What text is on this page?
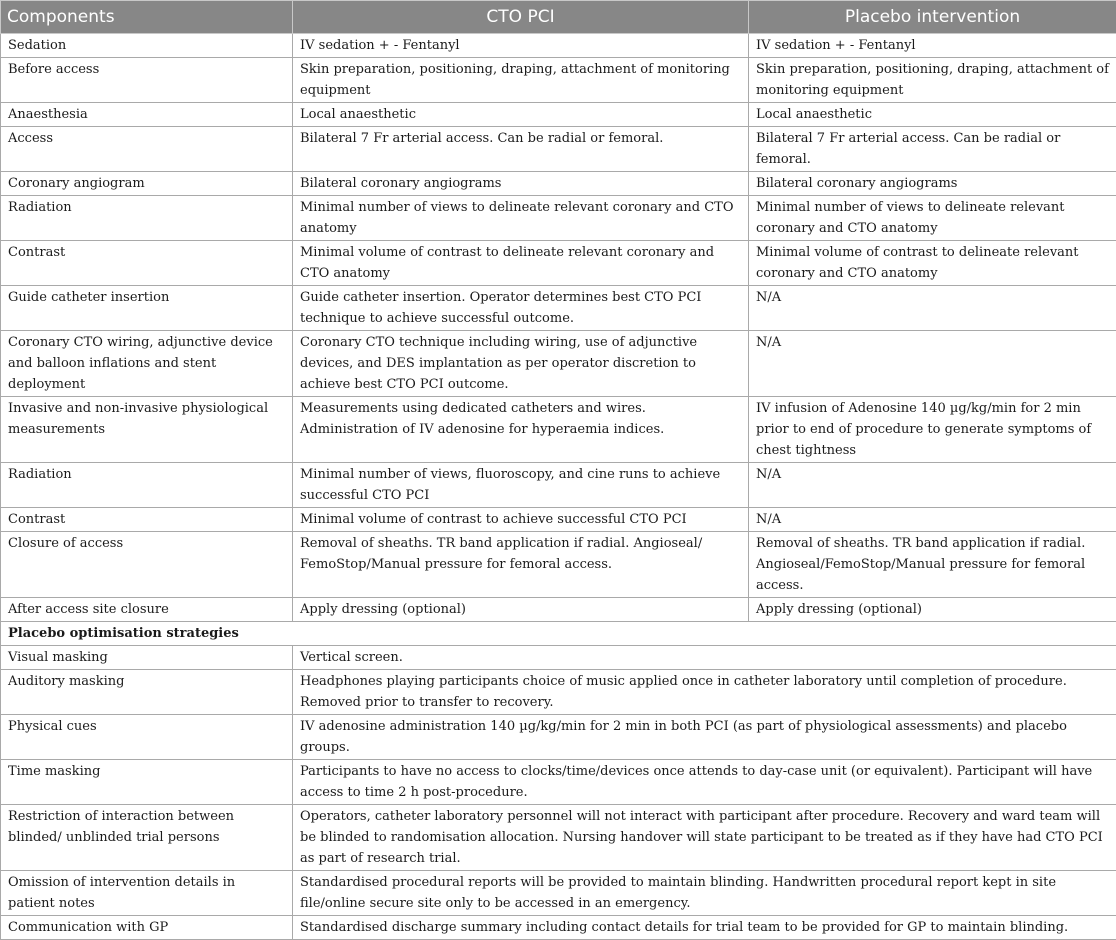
Components	CTO PCI	Placebo intervention
Sedation	IV sedation + - Fentanyl	IV sedation + - Fentanyl
Before access	Skin preparation, positioning, draping, attachment of monitoring equipment	Skin preparation, positioning, draping, attachment of monitoring equipment
Anaesthesia	Local anaesthetic	Local anaesthetic
Access	Bilateral 7 Fr arterial access. Can be radial or femoral.	Bilateral 7 Fr arterial access. Can be radial or femoral.
Coronary angiogram	Bilateral coronary angiograms	Bilateral coronary angiograms
Radiation	Minimal number of views to delineate relevant coronary and CTO anatomy	Minimal number of views to delineate relevant coronary and CTO anatomy
Contrast	Minimal volume of contrast to delineate relevant coronary and CTO anatomy	Minimal volume of contrast to delineate relevant coronary and CTO anatomy
Guide catheter insertion	Guide catheter insertion. Operator determines best CTO PCI technique to achieve successful outcome.	N/A
Coronary CTO wiring, adjunctive device and balloon inflations and stent deployment	Coronary CTO technique including wiring, use of adjunctive devices, and DES implantation as per operator discretion to achieve best CTO PCI outcome.	N/A
Invasive and non-invasive physiological measurements	Measurements using dedicated catheters and wires. Administration of IV adenosine for hyperaemia indices.	IV infusion of Adenosine 140 µg/kg/min for 2 min prior to end of procedure to generate symptoms of chest tightness
Radiation	Minimal number of views, fluoroscopy, and cine runs to achieve successful CTO PCI	N/A
Contrast	Minimal volume of contrast to achieve successful CTO PCI	N/A
Closure of access	Removal of sheaths. TR band application if radial. Angioseal/ FemoStop/Manual pressure for femoral access.	Removal of sheaths. TR band application if radial. Angioseal/FemoStop/Manual pressure for femoral access.
After access site closure	Apply dressing (optional)	Apply dressing (optional)
Placebo optimisation strategies		
Visual masking	Vertical screen.	
Auditory masking	Headphones playing participants choice of music applied once in catheter laboratory until completion of procedure. Removed prior to transfer to recovery.	
Physical cues	IV adenosine administration 140 µg/kg/min for 2 min in both PCI (as part of physiological assessments) and placebo groups.	
Time masking	Participants to have no access to clocks/time/devices once attends to day-case unit (or equivalent). Participant will have access to time 2 h post-procedure.	
Restriction of interaction between blinded/ unblinded trial persons	Operators, catheter laboratory personnel will not interact with participant after procedure. Recovery and ward team will be blinded to randomisation allocation. Nursing handover will state participant to be treated as if they have had CTO PCI as part of research trial.	
Omission of intervention details in patient notes	Standardised procedural reports will be provided to maintain blinding. Handwritten procedural report kept in site file/online secure site only to be accessed in an emergency.	
Communication with GP	Standardised discharge summary including contact details for trial team to be provided for GP to maintain blinding.	
